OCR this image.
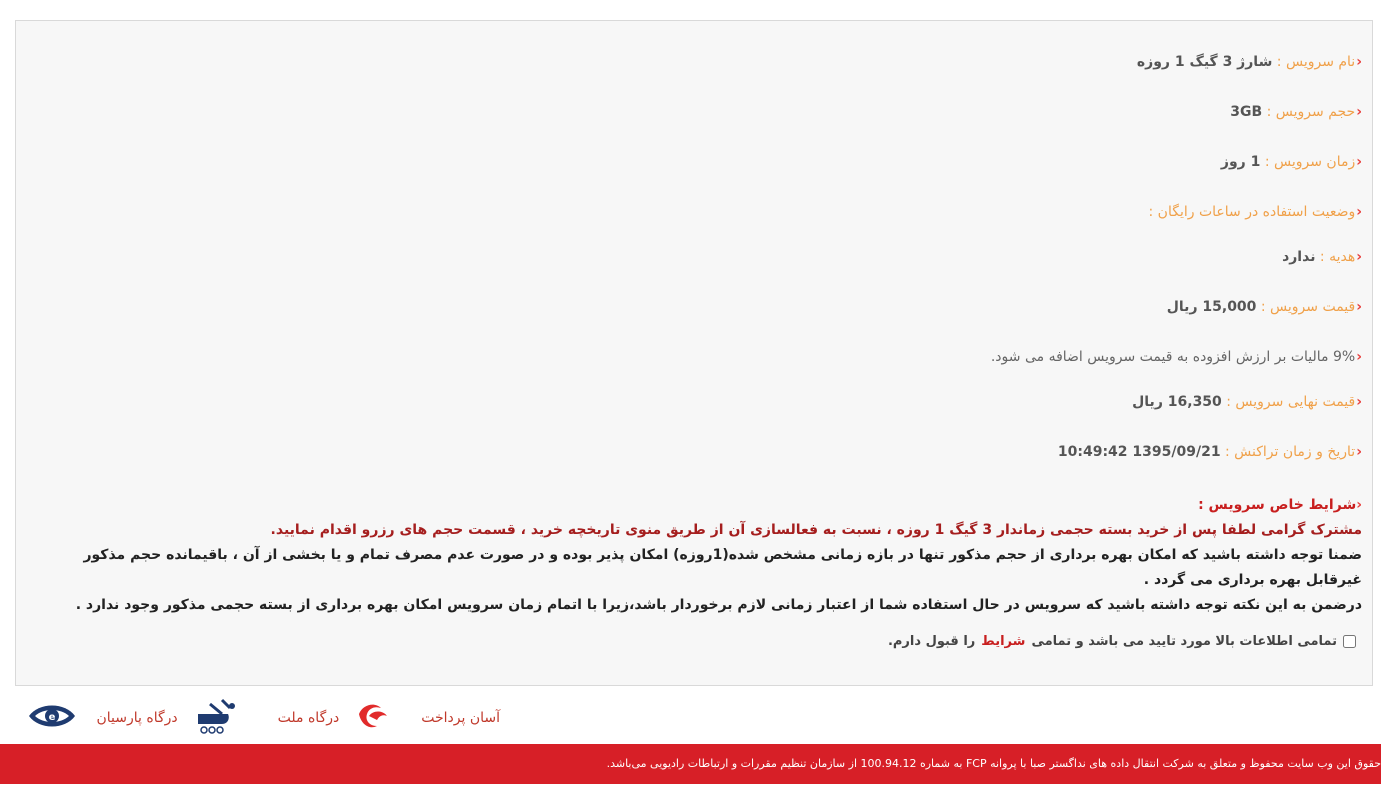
‹نام سرویس : شارژ 3 گیگ 1 روزه
‹حجم سرویس : 3GB
‹زمان سرویس : 1 روز
‹وضعیت استفاده در ساعات رایگان :
‹هدیه : ندارد
‹قیمت سرویس : 15,000 ریال
‹9% مالیات بر ارزش افزوده به قیمت سرویس اضافه می شود.
‹قیمت نهایی سرویس : 16,350 ریال
‹تاریخ و زمان تراکنش : 1395/09/21 10:49:42
‹شرایط خاص سرویس :
مشترک گرامی لطفا پس از خرید بسته حجمی زماندار 3 گیگ 1 روزه ، نسبت به فعالسازی آن از طریق منوی تاریخچه خرید ، قسمت حجم های رزرو اقدام نمایید.
ضمنا توجه داشته باشید که امکان بهره برداری از حجم مذکور تنها در بازه زمانی مشخص شده(1روزه) امکان پذیر بوده و در صورت عدم مصرف تمام و یا بخشی از آن ، باقیمانده حجم مذکور غیرقابل بهره برداری می گردد .
درضمن به این نکته توجه داشته باشید که سرویس در حال استفاده شما از اعتبار زمانی لازم برخوردار باشد،زیرا با اتمام زمان سرویس امکان بهره برداری از بسته حجمی مذکور وجود ندارد .
تمامی اطلاعات بالا مورد تایید می باشد و تمامی
شرایط
را قبول دارم.
آسان پرداخت
درگاه ملت
درگاه پارسیان
e
حقوق این وب سایت محفوظ و متعلق به شرکت انتقال داده های نداگستر صبا با پروانه FCP به شماره 100.94.12 از سازمان تنظیم مقررات و ارتباطات رادیویی می‌باشد.
